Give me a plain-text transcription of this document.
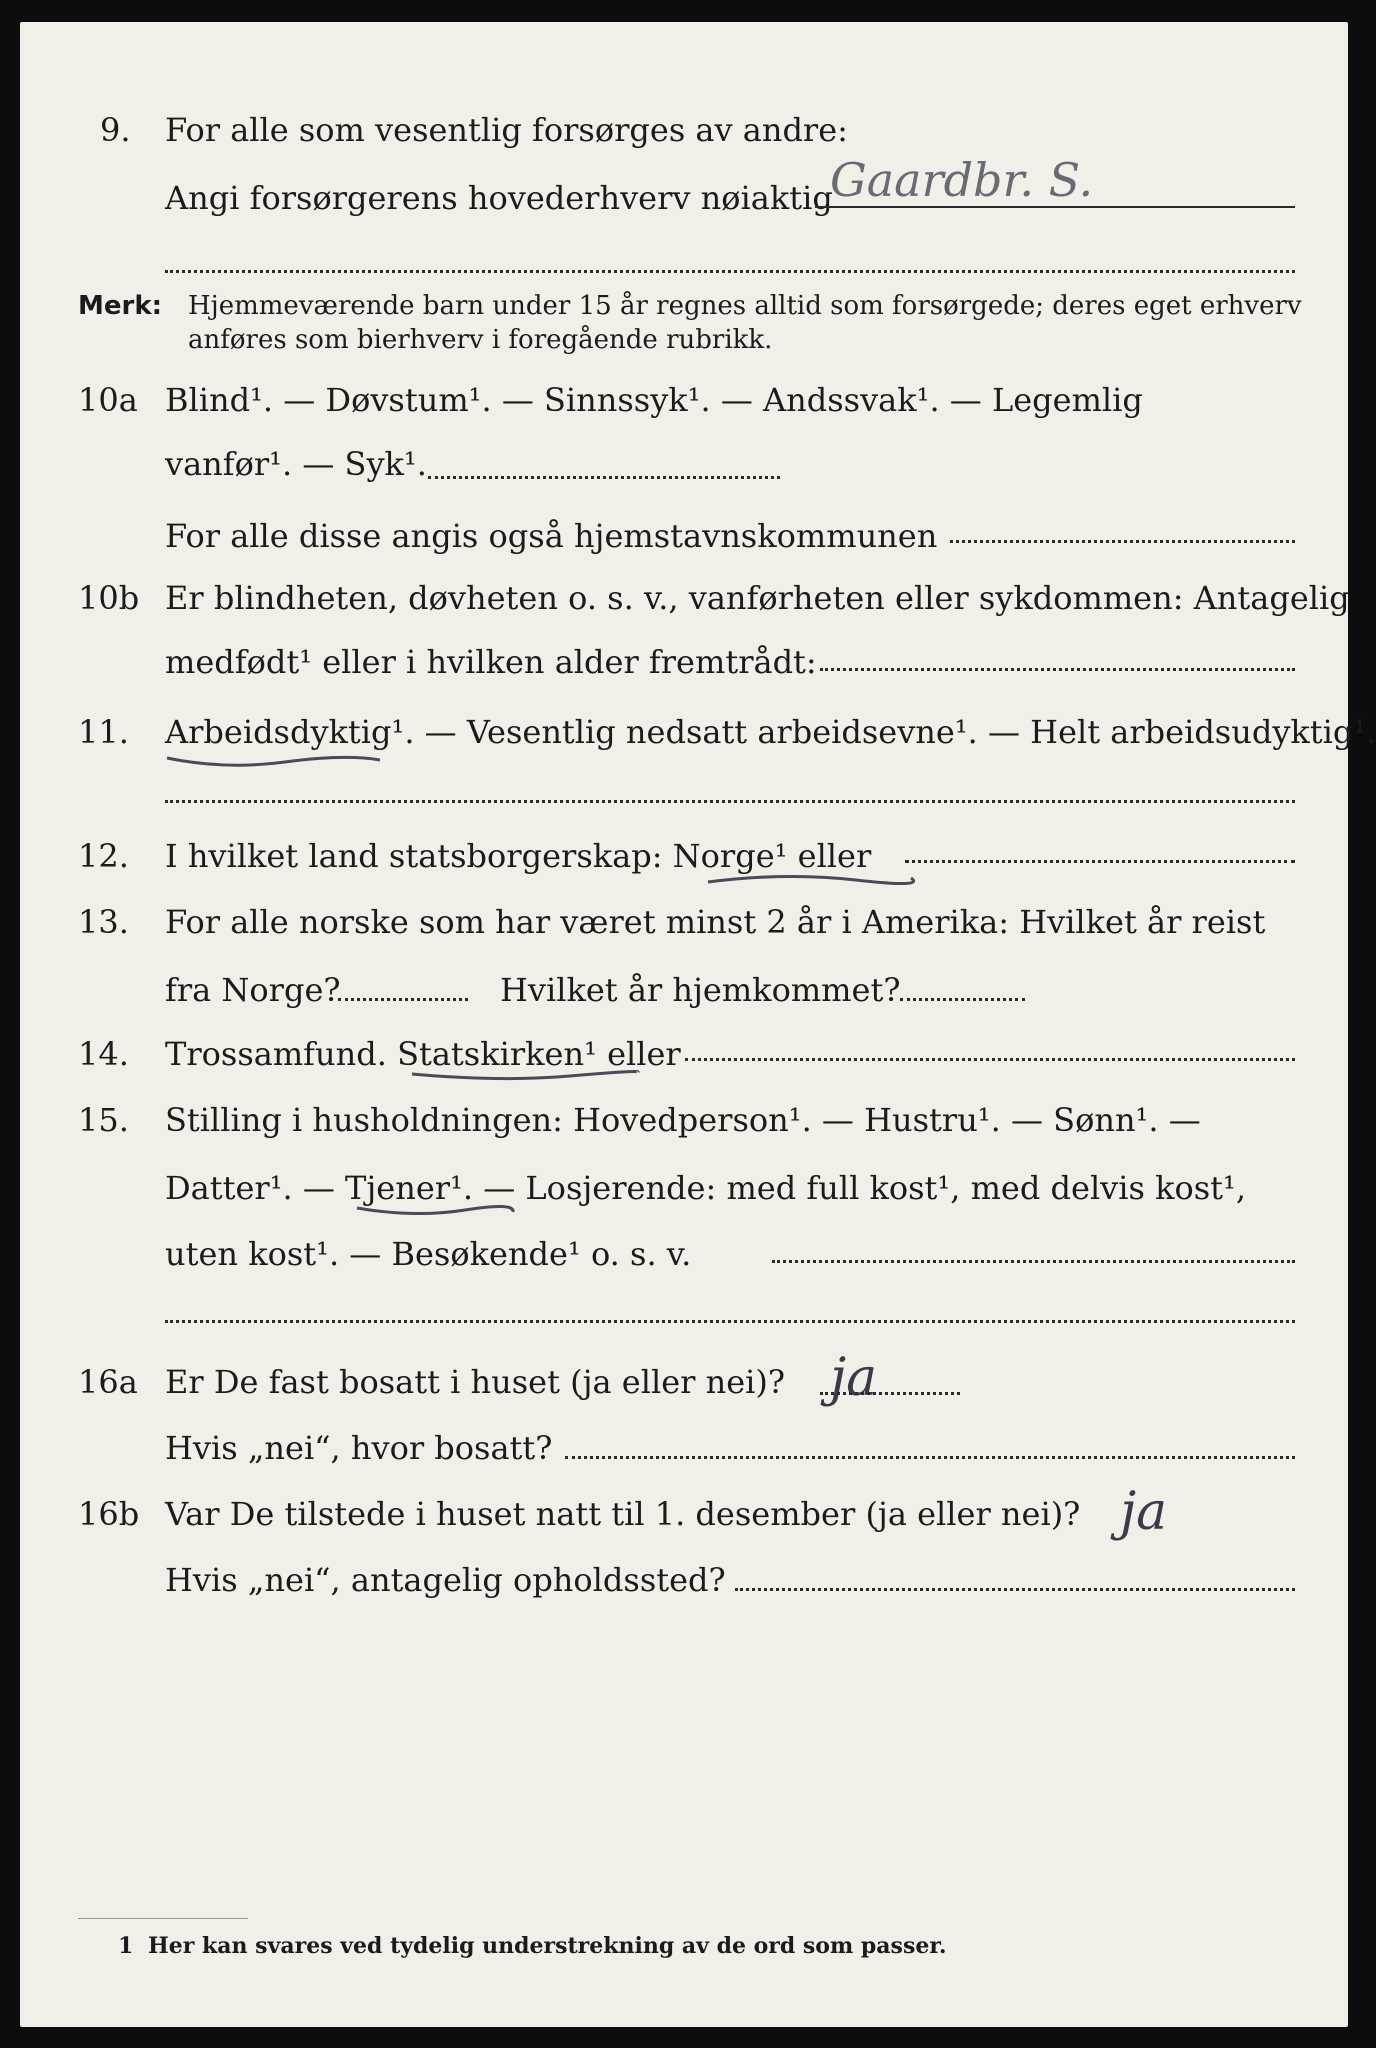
9. For alle som vesentlig forsørges av andre:
Angi forsørgerens hovederhverv nøiaktig
Gaardbr. S.
Merk: Hjemmeværende barn under 15 år regnes alltid som forsørgede; deres eget erhverv
anføres som bierhverv i foregående rubrikk.
10a Blind¹. — Døvstum¹. — Sinnssyk¹. — Andssvak¹. — Legemlig
vanfør¹. — Syk¹.
For alle disse angis også hjemstavnskommunen
10b Er blindheten, døvheten o. s. v., vanførheten eller sykdommen: Antagelig
medfødt¹ eller i hvilken alder fremtrådt:
11. Arbeidsdyktig¹. — Vesentlig nedsatt arbeidsevne¹. — Helt arbeidsudyktig¹.
12. I hvilket land statsborgerskap: Norge¹ eller
13. For alle norske som har været minst 2 år i Amerika: Hvilket år reist
fra Norge?	Hvilket år hjemkommet?
14. Trossamfund. Statskirken¹ eller
15. Stilling i husholdningen: Hovedperson¹. — Hustru¹. — Sønn¹. —
Datter¹. — Tjener¹. — Losjerende: med full kost¹, med delvis kost¹,
uten kost¹. — Besøkende¹ o. s. v.
16a Er De fast bosatt i huset (ja eller nei)? ja
Hvis „nei“, hvor bosatt?
16b Var De tilstede i huset natt til 1. desember (ja eller nei)? ja
Hvis „nei“, antagelig opholdssted?
1 Her kan svares ved tydelig understrekning av de ord som passer.
